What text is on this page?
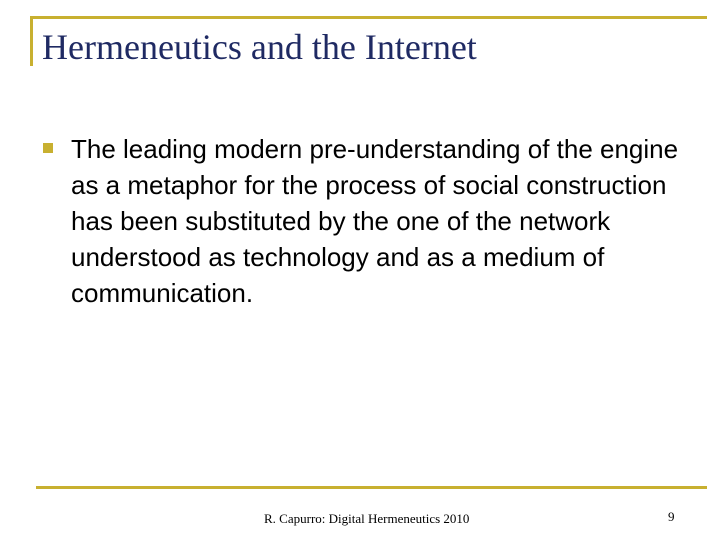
Hermeneutics and the Internet
The leading modern pre-understanding of the engine as a metaphor for the process of social construction has been substituted by the one of the network understood as technology and as a medium of communication.
R. Capurro: Digital Hermeneutics 2010	9
